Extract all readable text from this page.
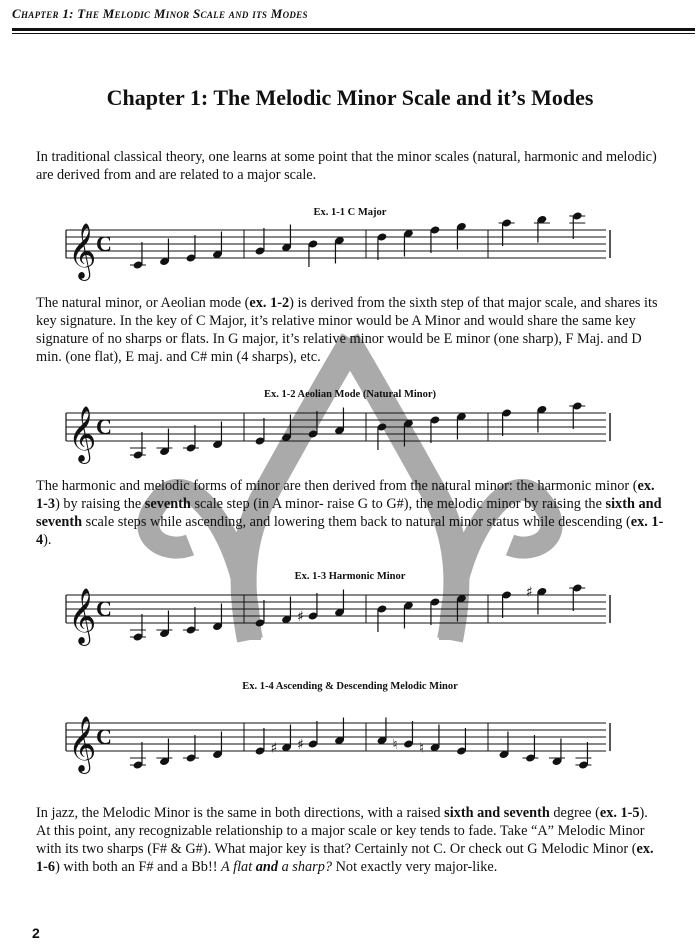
Chapter 1: The Melodic Minor Scale and its Modes
Chapter 1: The Melodic Minor Scale and it’s Modes

In traditional classical theory, one learns at some point that the minor scales (natural, harmonic and melodic) are derived from and are related to a major scale.

Ex. 1-1 C Major
𝄞 C

The natural minor, or Aeolian mode (ex. 1-2) is derived from the sixth step of that major scale, and shares its key signature. In the key of C Major, it’s relative minor would be A Minor and would share the same key signature of no sharps or flats. In G major, it’s relative minor would be E minor (one sharp), F Maj. and D min. (one flat), E maj. and C# min (4 sharps), etc.

Ex. 1-2 Aeolian Mode (Natural Minor)
𝄞 C

The harmonic and melodic forms of minor are then derived from the natural minor: the harmonic minor (ex. 1-3) by raising the seventh scale step (in A minor- raise G to G#), the melodic minor by raising the sixth and seventh scale steps while ascending, and lowering them back to natural minor status while descending (ex. 1-4).

Ex. 1-3 Harmonic Minor
𝄞 C	♯
♯
Ex. 1-4 Ascending & Descending Melodic Minor
𝄞 C	♯ ♯	♮ ♮

In jazz, the Melodic Minor is the same in both directions, with a raised sixth and seventh degree (ex. 1-5). At this point, any recognizable relationship to a major scale or key tends to fade. Take “A” Melodic Minor with its two sharps (F# & G#). What major key is that? Certainly not C. Or check out G Melodic Minor (ex. 1-6) with both an F# and a Bb!! A flat and a sharp? Not exactly very major-like.

2
